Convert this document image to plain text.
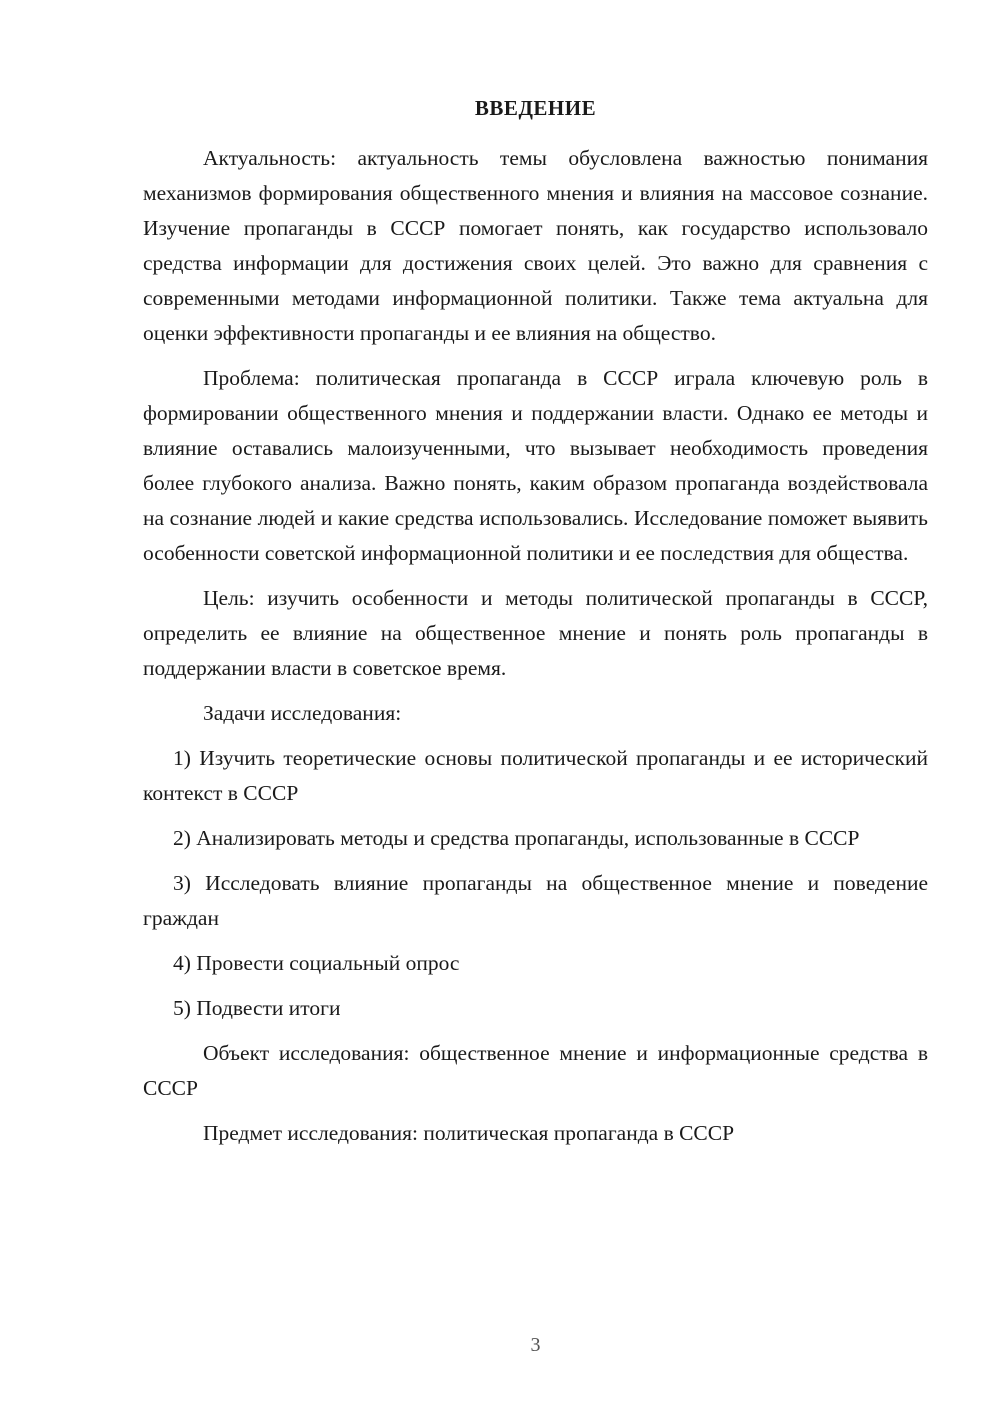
ВВЕДЕНИЕ

Актуальность: актуальность темы обусловлена важностью понимания механизмов формирования общественного мнения и влияния на массовое сознание. Изучение пропаганды в СССР помогает понять, как государство использовало средства информации для достижения своих целей. Это важно для сравнения с современными методами информационной политики. Также тема актуальна для оценки эффективности пропаганды и ее влияния на общество.

Проблема: политическая пропаганда в СССР играла ключевую роль в формировании общественного мнения и поддержании власти. Однако ее методы и влияние оставались малоизученными, что вызывает необходимость проведения более глубокого анализа. Важно понять, каким образом пропаганда воздействовала на сознание людей и какие средства использовались. Исследование поможет выявить особенности советской информационной политики и ее последствия для общества.

Цель: изучить особенности и методы политической пропаганды в СССР, определить ее влияние на общественное мнение и понять роль пропаганды в поддержании власти в советское время.

Задачи исследования:

1) Изучить теоретические основы политической пропаганды и ее исторический контекст в СССР

2) Анализировать методы и средства пропаганды, использованные в СССР

3) Исследовать влияние пропаганды на общественное мнение и поведение граждан

4) Провести социальный опрос

5) Подвести итоги

Объект исследования: общественное мнение и информационные средства в СССР

Предмет исследования: политическая пропаганда в СССР

3
